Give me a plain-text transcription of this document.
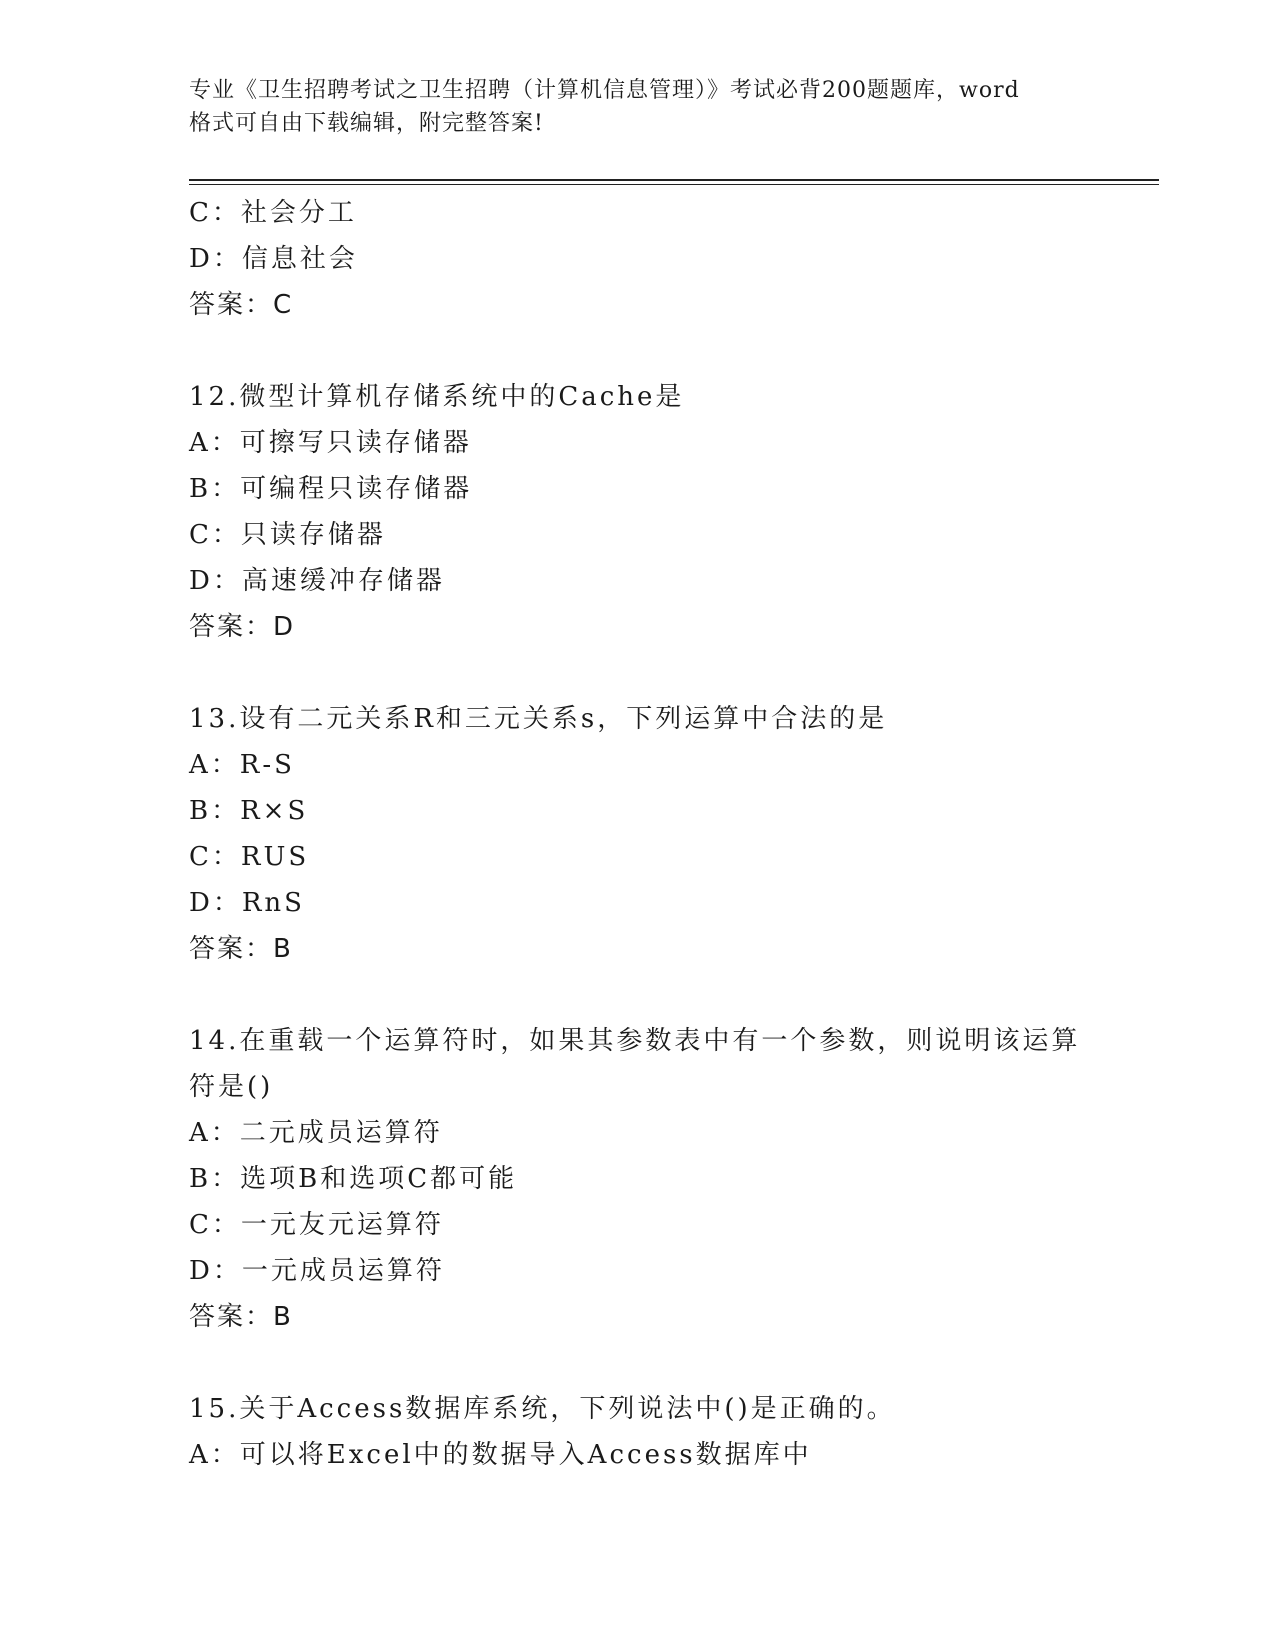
专业《卫生招聘考试之卫生招聘（计算机信息管理）》考试必背200题题库，word
格式可自由下载编辑，附完整答案!
C：社会分工
D：信息社会
答案：C
12.微型计算机存储系统中的Cache是
A：可擦写只读存储器
B：可编程只读存储器
C：只读存储器
D：高速缓冲存储器
答案：D
13.设有二元关系R和三元关系s，下列运算中合法的是
A：R-S
B：R×S
C：RUS
D：RnS
答案：B
14.在重载一个运算符时，如果其参数表中有一个参数，则说明该运算
符是()
A：二元成员运算符
B：选项B和选项C都可能
C：一元友元运算符
D：一元成员运算符
答案：B
15.关于Access数据库系统，下列说法中()是正确的。
A：可以将Excel中的数据导入Access数据库中
